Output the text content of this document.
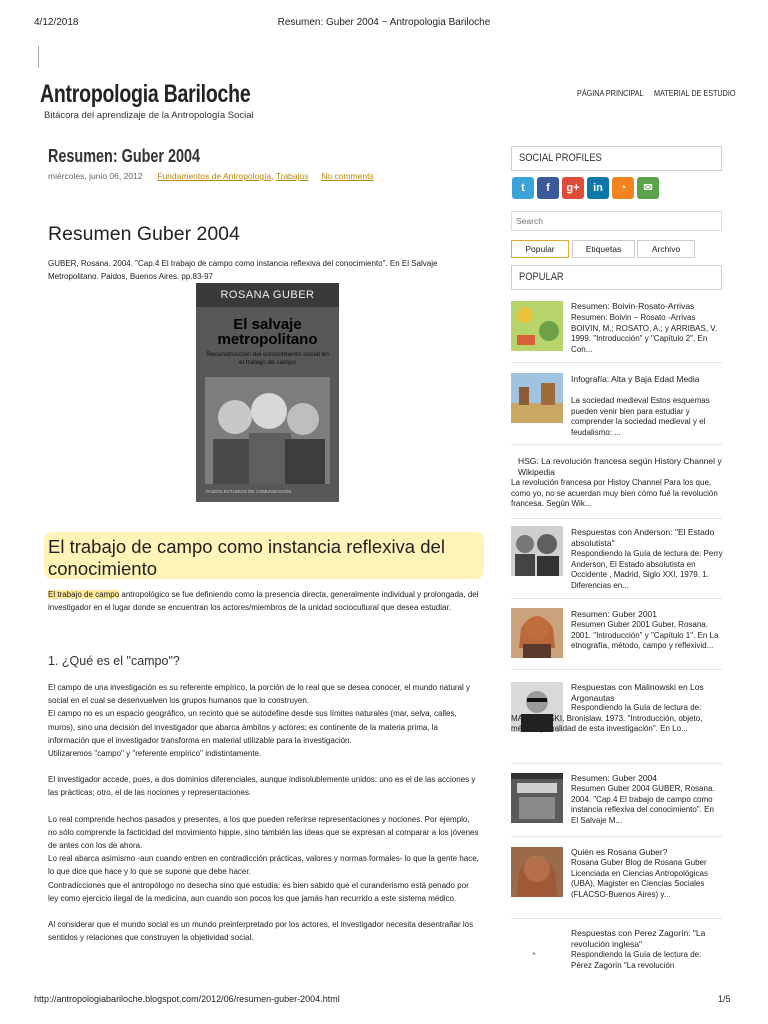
4/12/2018	Resumen: Guber 2004 ~ Antropologia Bariloche
Antropologia Bariloche
Bitácora del aprendizaje de la Antropología Social
PÁGINA PRINCIPAL MATERIAL DE ESTUDIO
Resumen: Guber 2004
miércoles, junio 06, 2012 Fundamentos de Antropología, Trabajos No comments
Resumen Guber 2004
GUBER, Rosana. 2004. "Cap.4 El trabajo de campo como instancia reflexiva del conocimiento". En El Salvaje Metropolitano. Paidos, Buenos Aires. pp.83-97
ROSANA GUBER
El salvaje
metropolitano
Reconstrucción del conocimiento social en el trabajo de campo
PAIDÓS ESTUDIOS DE COMUNICACIÓN
El trabajo de campo como instancia reflexiva del conocimiento
El trabajo de campo antropológico se fue definiendo como la presencia directa, generalmente individual y prolongada, del investigador en el lugar donde se encuentran los actores/miembros de la unidad sociocultural que desea estudiar.
1. ¿Qué es el "campo"?
El campo de una investigación es su referente empírico, la porción de lo real que se desea conocer, el mundo natural y social en el cual se desenvuelven los grupos humanos que lo construyen.
El campo no es un espacio geográfico, un recinto que se autodefine desde sus límites naturales (mar, selva, calles, muros), sino una decisión del investigador que abarca ámbitos y actores; es continente de la materia prima, la información que el investigador transforma en material utilizable para la investigación.
Utilizaremos "campo" y "referente empírico" indistintamente.
El investigador accede, pues, a dos dominios diferenciales, aunque indisolublemente unidos: uno es el de las acciones y las prácticas; otro, el de las nociones y representaciones.
Lo real comprende hechos pasados y presentes, a los que pueden referirse representaciones y nociones. Por ejemplo, no sólo comprende la facticidad del movimiento hippie, sino también las ideas que se expresan al comparar a los jóvenes de antes con los de ahora.
Lo real abarca asimismo -aun cuando entren en contradicción prácticas, valores y normas formales- lo que la gente hace, lo que dice que hace y lo que se supone que debe hacer.
Contradicciones que el antropólogo no desecha sino que estudia: es bien sabido que el curanderismo está penado por ley como ejercicio ilegal de la medicina, aun cuando son pocos los que jamás han recurrido a este sistema médico.
Al considerar que el mundo social es un mundo preinterpretado por los actores, el investigador necesita desentrañar los sentidos y relaciones que construyen la objetividad social.
SOCIAL PROFILES
t	f	g+	in	◔	✉
Search
Popular	Etiquetas	Archivo
POPULAR
Resumen: Boivin-Rosato-Arrivas
Resumen: Boivin – Rosato -Arrivas BOIVIN, M.; ROSATO, A.; y ARRIBAS, V. 1999. "Introducción" y "Capítulo 2". En Con...
Infografía: Alta y Baja Edad Media
La sociedad medieval Estos esquemas pueden venir bien para estudiar y comprender la sociedad medieval y el feudalismo: ...
HSG: La revolución francesa según History Channel y Wikipedia
La revolución francesa por Histoy Channel Para los que, como yo, no se acuerdan muy bien cómo fué la revolución francesa. Según Wik...
Respuestas con Anderson: "El Estado absolutista"
Respondiendo la Guía de lectura de: Perry Anderson, El Estado absolutista en Occidente , Madrid, Siglo XXI, 1979. 1. Diferencias en...
Resumen: Guber 2001
Resumen Guber 2001 Guber, Rosana. 2001. "Introducción" y "Capítulo 1". En La etnografía, método, campo y reflexivid...
Respuestas con Malinowski en Los Argonautas
Respondiendo la Guía de lectura de: MALINOWSKI, Bronislaw. 1973. "Introducción, objeto, método y finalidad de esta investigación". En Lo...
Resumen: Guber 2004
Resumen Guber 2004 GUBER, Rosana. 2004. "Cap.4 El trabajo de campo como instancia reflexiva del conocimiento". En El Salvaje M...
Quién es Rosana Guber?
Rosana Guber Blog de Rosana Guber Licenciada en Ciencias Antropológicas (UBA), Magister en Ciencias Sociales (FLACSO-Buenos Aires) y...
▸
Respuestas con Perez Zagorín: "La revolución inglesa"
Respondiendo la Guía de lectura de: Pérez Zagorín "La revolución
http://antropologiabariloche.blogspot.com/2012/06/resumen-guber-2004.html	1/5
